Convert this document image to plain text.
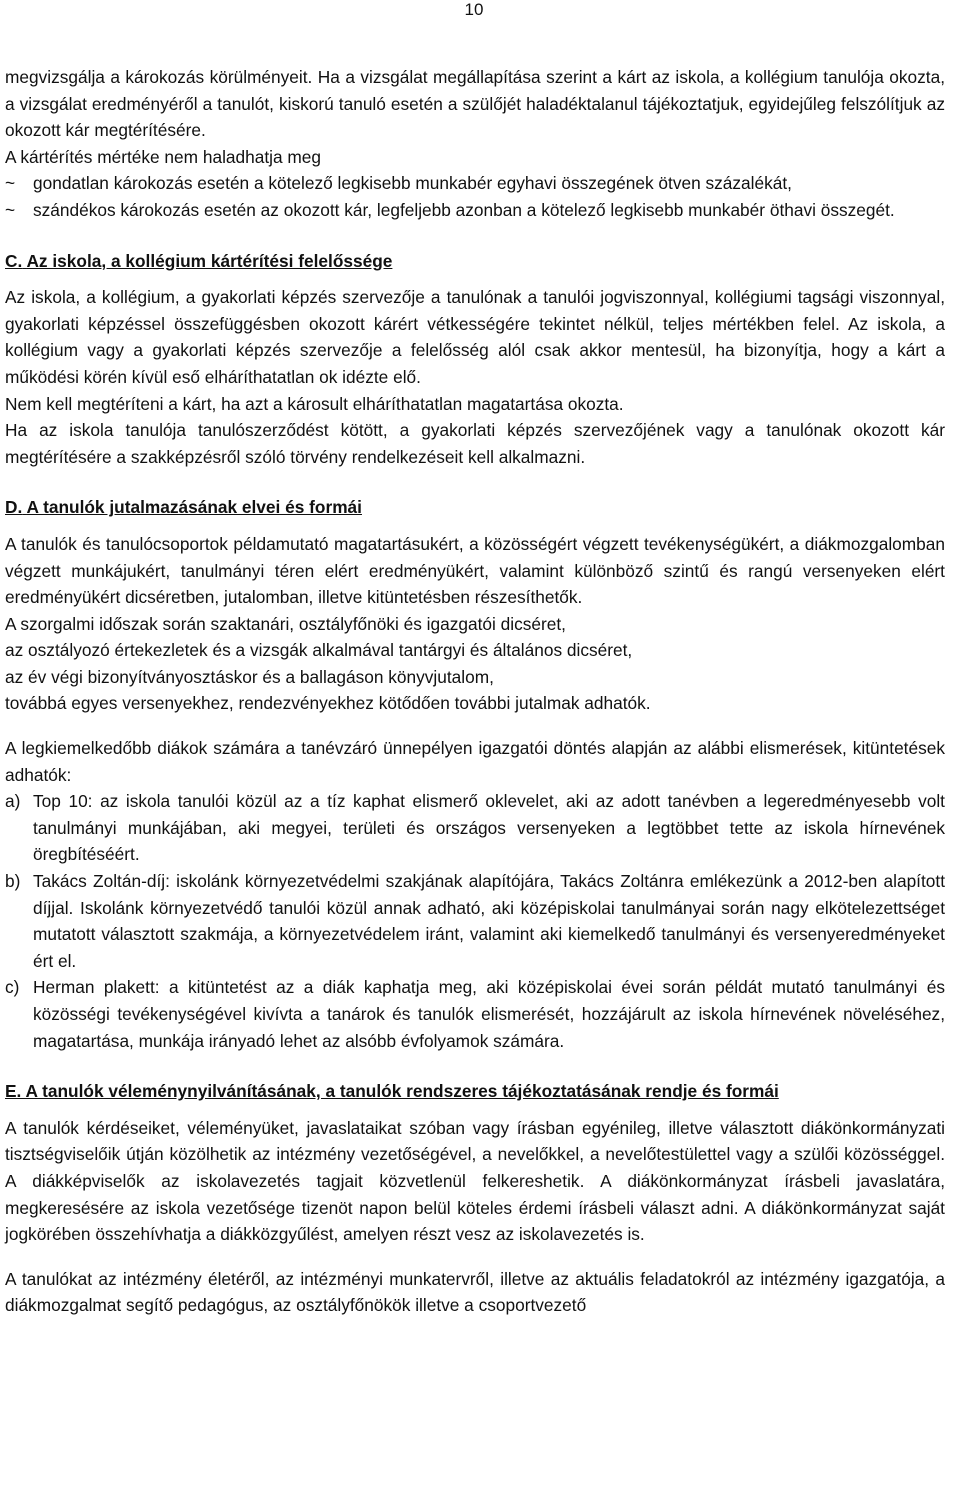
10

megvizsgálja a károkozás körülményeit. Ha a vizsgálat megállapítása szerint a kárt az iskola, a kollégium tanulója okozta, a vizsgálat eredményéről a tanulót, kiskorú tanuló esetén a szülőjét haladéktalanul tájékoztatjuk, egyidejűleg felszólítjuk az okozott kár megtérítésére.

A kártérítés mértéke nem haladhatja meg

~ gondatlan károkozás esetén a kötelező legkisebb munkabér egyhavi összegének ötven százalékát,
~ szándékos károkozás esetén az okozott kár, legfeljebb azonban a kötelező legkisebb munkabér öthavi összegét.

C. Az iskola, a kollégium kártérítési felelőssége

Az iskola, a kollégium, a gyakorlati képzés szervezője a tanulónak a tanulói jogviszonnyal, kollégiumi tagsági viszonnyal, gyakorlati képzéssel összefüggésben okozott kárért vétkességére tekintet nélkül, teljes mértékben felel. Az iskola, a kollégium vagy a gyakorlati képzés szervezője a felelősség alól csak akkor mentesül, ha bizonyítja, hogy a kárt a működési körén kívül eső elháríthatatlan ok idézte elő.

Nem kell megtéríteni a kárt, ha azt a károsult elháríthatatlan magatartása okozta.

Ha az iskola tanulója tanulószerződést kötött, a gyakorlati képzés szervezőjének vagy a tanulónak okozott kár megtérítésére a szakképzésről szóló törvény rendelkezéseit kell alkalmazni.

D. A tanulók jutalmazásának elvei és formái

A tanulók és tanulócsoportok példamutató magatartásukért, a közösségért végzett tevékenységükért, a diákmozgalomban végzett munkájukért, tanulmányi téren elért eredményükért, valamint különböző szintű és rangú versenyeken elért eredményükért dicséretben, jutalomban, illetve kitüntetésben részesíthetők.

A szorgalmi időszak során szaktanári, osztályfőnöki és igazgatói dicséret,

az osztályozó értekezletek és a vizsgák alkalmával tantárgyi és általános dicséret,

az év végi bizonyítványosztáskor és a ballagáson könyvjutalom,

továbbá egyes versenyekhez, rendezvényekhez kötődően további jutalmak adhatók.

A legkiemelkedőbb diákok számára a tanévzáró ünnepélyen igazgatói döntés alapján az alábbi elismerések, kitüntetések adhatók:

a) Top 10: az iskola tanulói közül az a tíz kaphat elismerő oklevelet, aki az adott tanévben a legeredményesebb volt tanulmányi munkájában, aki megyei, területi és országos versenyeken a legtöbbet tette az iskola hírnevének öregbítéséért.
b) Takács Zoltán-díj: iskolánk környezetvédelmi szakjának alapítójára, Takács Zoltánra emlékezünk a 2012-ben alapított díjjal. Iskolánk környezetvédő tanulói közül annak adható, aki középiskolai tanulmányai során nagy elkötelezettséget mutatott választott szakmája, a környezetvédelem iránt, valamint aki kiemelkedő tanulmányi és versenyeredményeket ért el.
c) Herman plakett: a kitüntetést az a diák kaphatja meg, aki középiskolai évei során példát mutató tanulmányi és közösségi tevékenységével kivívta a tanárok és tanulók elismerését, hozzájárult az iskola hírnevének növeléséhez, magatartása, munkája irányadó lehet az alsóbb évfolyamok számára.

E. A tanulók véleménynyilvánításának, a tanulók rendszeres tájékoztatásának rendje és formái

A tanulók kérdéseiket, véleményüket, javaslataikat szóban vagy írásban egyénileg, illetve választott diákönkormányzati tisztségviselőik útján közölhetik az intézmény vezetőségével, a nevelőkkel, a nevelőtestülettel vagy a szülői közösséggel. A diákképviselők az iskolavezetés tagjait közvetlenül felkereshetik. A diákönkormányzat írásbeli javaslatára, megkeresésére az iskola vezetősége tizenöt napon belül köteles érdemi írásbeli választ adni. A diákönkormányzat saját jogkörében összehívhatja a diákközgyűlést, amelyen részt vesz az iskolavezetés is.

A tanulókat az intézmény életéről, az intézményi munkatervről, illetve az aktuális feladatokról az intézmény igazgatója, a diákmozgalmat segítő pedagógus, az osztályfőnökök illetve a csoportvezető
